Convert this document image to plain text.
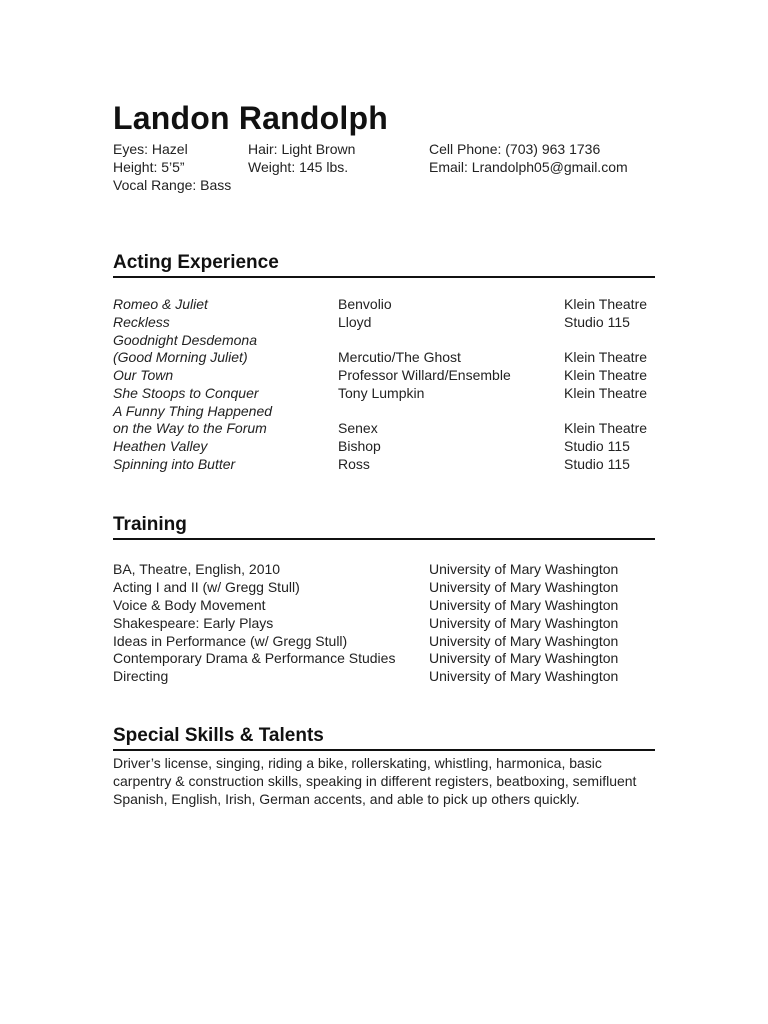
Landon Randolph
Eyes: Hazel	Hair: Light Brown	Cell Phone: (703) 963 1736
Height: 5’5”	Weight: 145 lbs.	Email: Lrandolph05@gmail.com
Vocal Range: Bass
Acting Experience
Romeo & Juliet	Benvolio	Klein Theatre
Reckless	Lloyd	Studio 115
Goodnight Desdemona
(Good Morning Juliet)	Mercutio/The Ghost	Klein Theatre
Our Town	Professor Willard/Ensemble	Klein Theatre
She Stoops to Conquer	Tony Lumpkin	Klein Theatre
A Funny Thing Happened
on the Way to the Forum	Senex	Klein Theatre
Heathen Valley	Bishop	Studio 115
Spinning into Butter	Ross	Studio 115
Training
BA, Theatre, English, 2010	University of Mary Washington
Acting I and II (w/ Gregg Stull)	University of Mary Washington
Voice & Body Movement	University of Mary Washington
Shakespeare: Early Plays	University of Mary Washington
Ideas in Performance (w/ Gregg Stull)	University of Mary Washington
Contemporary Drama & Performance Studies University of Mary Washington
Directing	University of Mary Washington
Special Skills & Talents
Driver’s license, singing, riding a bike, rollerskating, whistling, harmonica, basic carpentry & construction skills, speaking in different registers, beatboxing, semifluent Spanish, English, Irish, German accents, and able to pick up others quickly.
